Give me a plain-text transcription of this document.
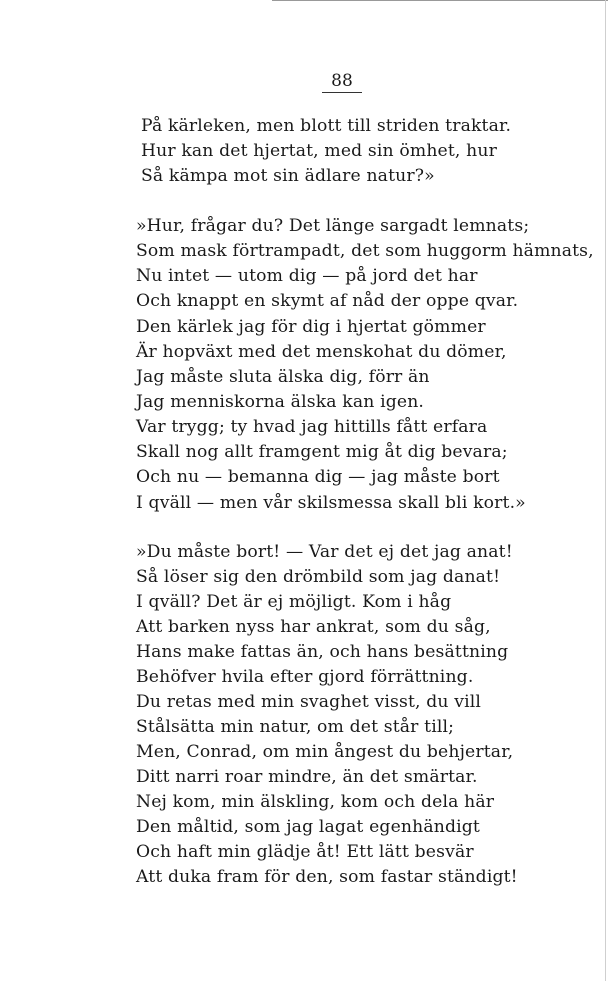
88
På kärleken, men blott till striden traktar.
Hur kan det hjertat, med sin ömhet, hur
Så kämpa mot sin ädlare natur?»
»Hur, frågar du? Det länge sargadt lemnats;
Som mask förtrampadt, det som huggorm hämnats,
Nu intet — utom dig — på jord det har
Och knappt en skymt af nåd der oppe qvar.
Den kärlek jag för dig i hjertat gömmer
Är hopväxt med det menskohat du dömer,
Jag måste sluta älska dig, förr än
Jag menniskorna älska kan igen.
Var trygg; ty hvad jag hittills fått erfara
Skall nog allt framgent mig åt dig bevara;
Och nu — bemanna dig — jag måste bort
I qväll — men vår skilsmessa skall bli kort.»
»Du måste bort! — Var det ej det jag anat!
Så löser sig den drömbild som jag danat!
I qväll? Det är ej möjligt. Kom i håg
Att barken nyss har ankrat, som du såg,
Hans make fattas än, och hans besättning
Behöfver hvila efter gjord förrättning.
Du retas med min svaghet visst, du vill
Stålsätta min natur, om det står till;
Men, Conrad, om min ångest du behjertar,
Ditt narri roar mindre, än det smärtar.
Nej kom, min älskling, kom och dela här
Den måltid, som jag lagat egenhändigt
Och haft min glädje åt! Ett lätt besvär
Att duka fram för den, som fastar ständigt!
